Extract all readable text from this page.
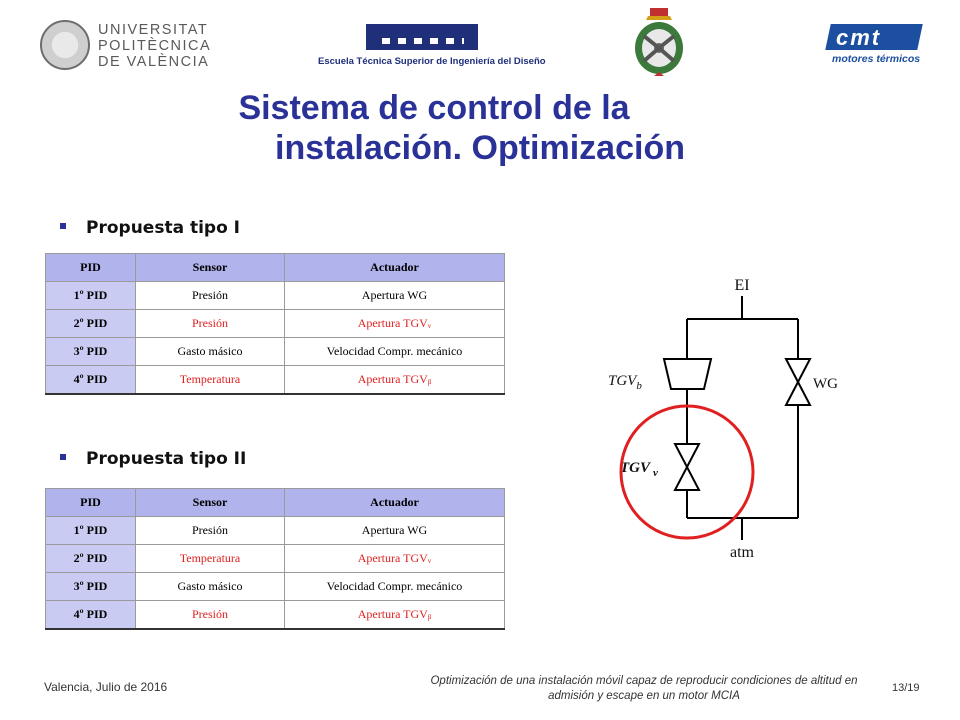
UNIVERSITAT
POLITÈCNICA
DE VALÈNCIA	Escuela Técnica Superior de Ingeniería del Diseño
cmt
motores térmicos
Sistema de control de la
instalación. Optimización
Propuesta tipo I
PID	Sensor	Actuador
1º PID	Presión	Apertura WG
2º PID	Presión	Apertura TGVᵥ
3º PID	Gasto másico	Velocidad Compr. mecánico
4º PID	Temperatura	Apertura TGVᵦ
Propuesta tipo II
PID	Sensor	Actuador
1º PID	Presión	Apertura WG
2º PID	Temperatura	Apertura TGVᵥ
3º PID	Gasto másico	Velocidad Compr. mecánico
4º PID	Presión	Apertura TGVᵦ
EI
atm
WG
$TGV_b$
TGV $_v$
Valencia, Julio de 2016	Optimización de una instalación móvil capaz de reproducir condiciones de altitud en admisión y escape en un motor MCIA
13/19
